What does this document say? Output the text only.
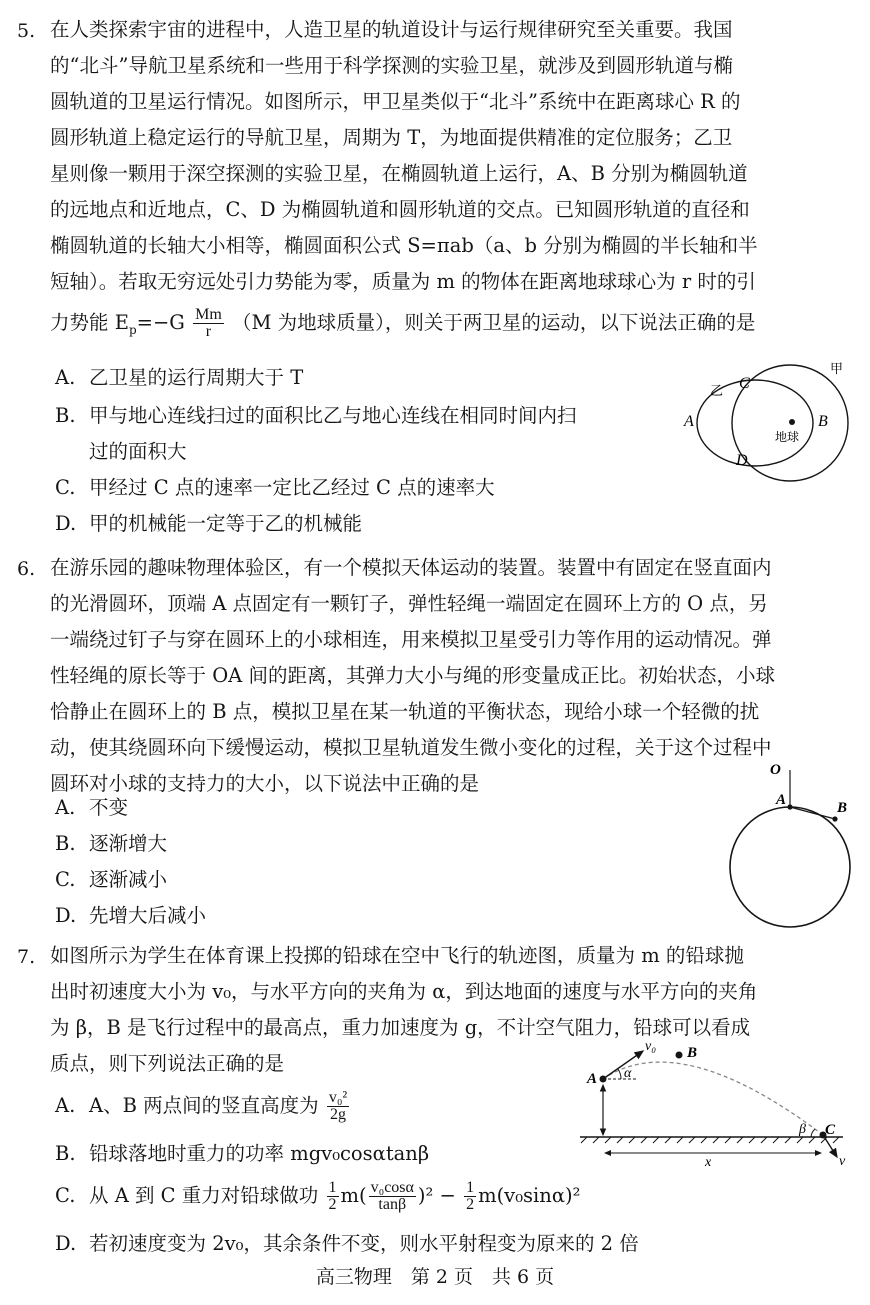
5. 在人类探索宇宙的进程中，人造卫星的轨道设计与运行规律研究至关重要。我国
的“北斗”导航卫星系统和一些用于科学探测的实验卫星，就涉及到圆形轨道与椭
圆轨道的卫星运行情况。如图所示，甲卫星类似于“北斗”系统中在距离球心 R 的
圆形轨道上稳定运行的导航卫星，周期为 T，为地面提供精准的定位服务；乙卫
星则像一颗用于深空探测的实验卫星，在椭圆轨道上运行，A、B 分别为椭圆轨道
的远地点和近地点，C、D 为椭圆轨道和圆形轨道的交点。已知圆形轨道的直径和
椭圆轨道的长轴大小相等，椭圆面积公式 S=πab（a、b 分别为椭圆的半长轴和半
短轴）。若取无穷远处引力势能为零，质量为 m 的物体在距离地球球心为 r 时的引
力势能 $E_p=-G \frac{Mm}{r} (M$ 为地球质量），则关于两卫星的运动，以下说法正确的是
A. 乙卫星的运行周期大于 T
B. 甲与地心连线扫过的面积比乙与地心连线在相同时间内扫
过的面积大
C. 甲经过 C 点的速率一定比乙经过 C 点的速率大
D. 甲的机械能一定等于乙的机械能
甲
乙 C
A	B
D
地球
6. 在游乐园的趣味物理体验区，有一个模拟天体运动的装置。装置中有固定在竖直面内
的光滑圆环，顶端 A 点固定有一颗钉子，弹性轻绳一端固定在圆环上方的 O 点，另
一端绕过钉子与穿在圆环上的小球相连，用来模拟卫星受引力等作用的运动情况。弹
性轻绳的原长等于 OA 间的距离，其弹力大小与绳的形变量成正比。初始状态，小球
恰静止在圆环上的 B 点，模拟卫星在某一轨道的平衡状态，现给小球一个轻微的扰
动，使其绕圆环向下缓慢运动，模拟卫星轨道发生微小变化的过程，关于这个过程中
圆环对小球的支持力的大小，以下说法中正确的是
A. 不变
B. 逐渐增大
C. 逐渐减小
D. 先增大后减小
O
A	B
7. 如图所示为学生在体育课上投掷的铅球在空中飞行的轨迹图，质量为 m 的铅球抛
出时初速度大小为 v₀，与水平方向的夹角为 α，到达地面的速度与水平方向的夹角
为 β，B 是飞行过程中的最高点，重力加速度为 g，不计空气阻力，铅球可以看成
质点，则下列说法正确的是
A. A、B 两点间的竖直高度为 $\frac{\text{v₀²}}{2g}$
B. 铅球落地时重力的功率 mgv₀cosαtanβ
C. 从 A 到 C 重力对铅球做功 $\frac{1}{2} m( \frac{\text{v₀cosα}}{\tan\beta} )^2 - \frac{1}{2} m(v_0\sin\alpha)^2$
D. 若初速度变为 2v₀，其余条件不变，则水平射程变为原来的 2 倍
A
B
C
v₀
v
α
β
x
高三物理　第 2 页　共 6 页
